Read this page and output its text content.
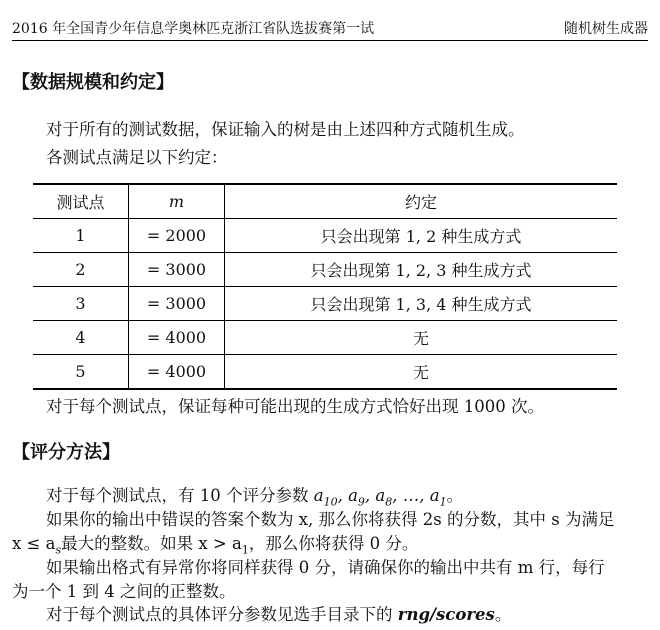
2016 年全国青少年信息学奥林匹克浙江省队选拔赛第一试	随机树生成器
【数据规模和约定】
对于所有的测试数据，保证输入的树是由上述四种方式随机生成。
各测试点满足以下约定：
测试点	m	约定
1	= 2000	只会出现第 1, 2 种生成方式
2	= 3000	只会出现第 1, 2, 3 种生成方式
3	= 3000	只会出现第 1, 3, 4 种生成方式
4	= 4000	无
5	= 4000	无
对于每个测试点，保证每种可能出现的生成方式恰好出现 1000 次。
【评分方法】
对于每个测试点，有 10 个评分参数 $a_{10}$, $a_9$, $a_8$, …, $a_1$。
如果你的输出中错误的答案个数为 x, 那么你将获得 2s 的分数，其中 s 为满足 $x \le a_s$最大的整数。如果 $x > a_1$，那么你将获得 0 分。
如果输出格式有异常你将同样获得 0 分，请确保你的输出中共有 m 行，每行为一个 1 到 4 之间的正整数。
对于每个测试点的具体评分参数见选手目录下的 rng/scores。
